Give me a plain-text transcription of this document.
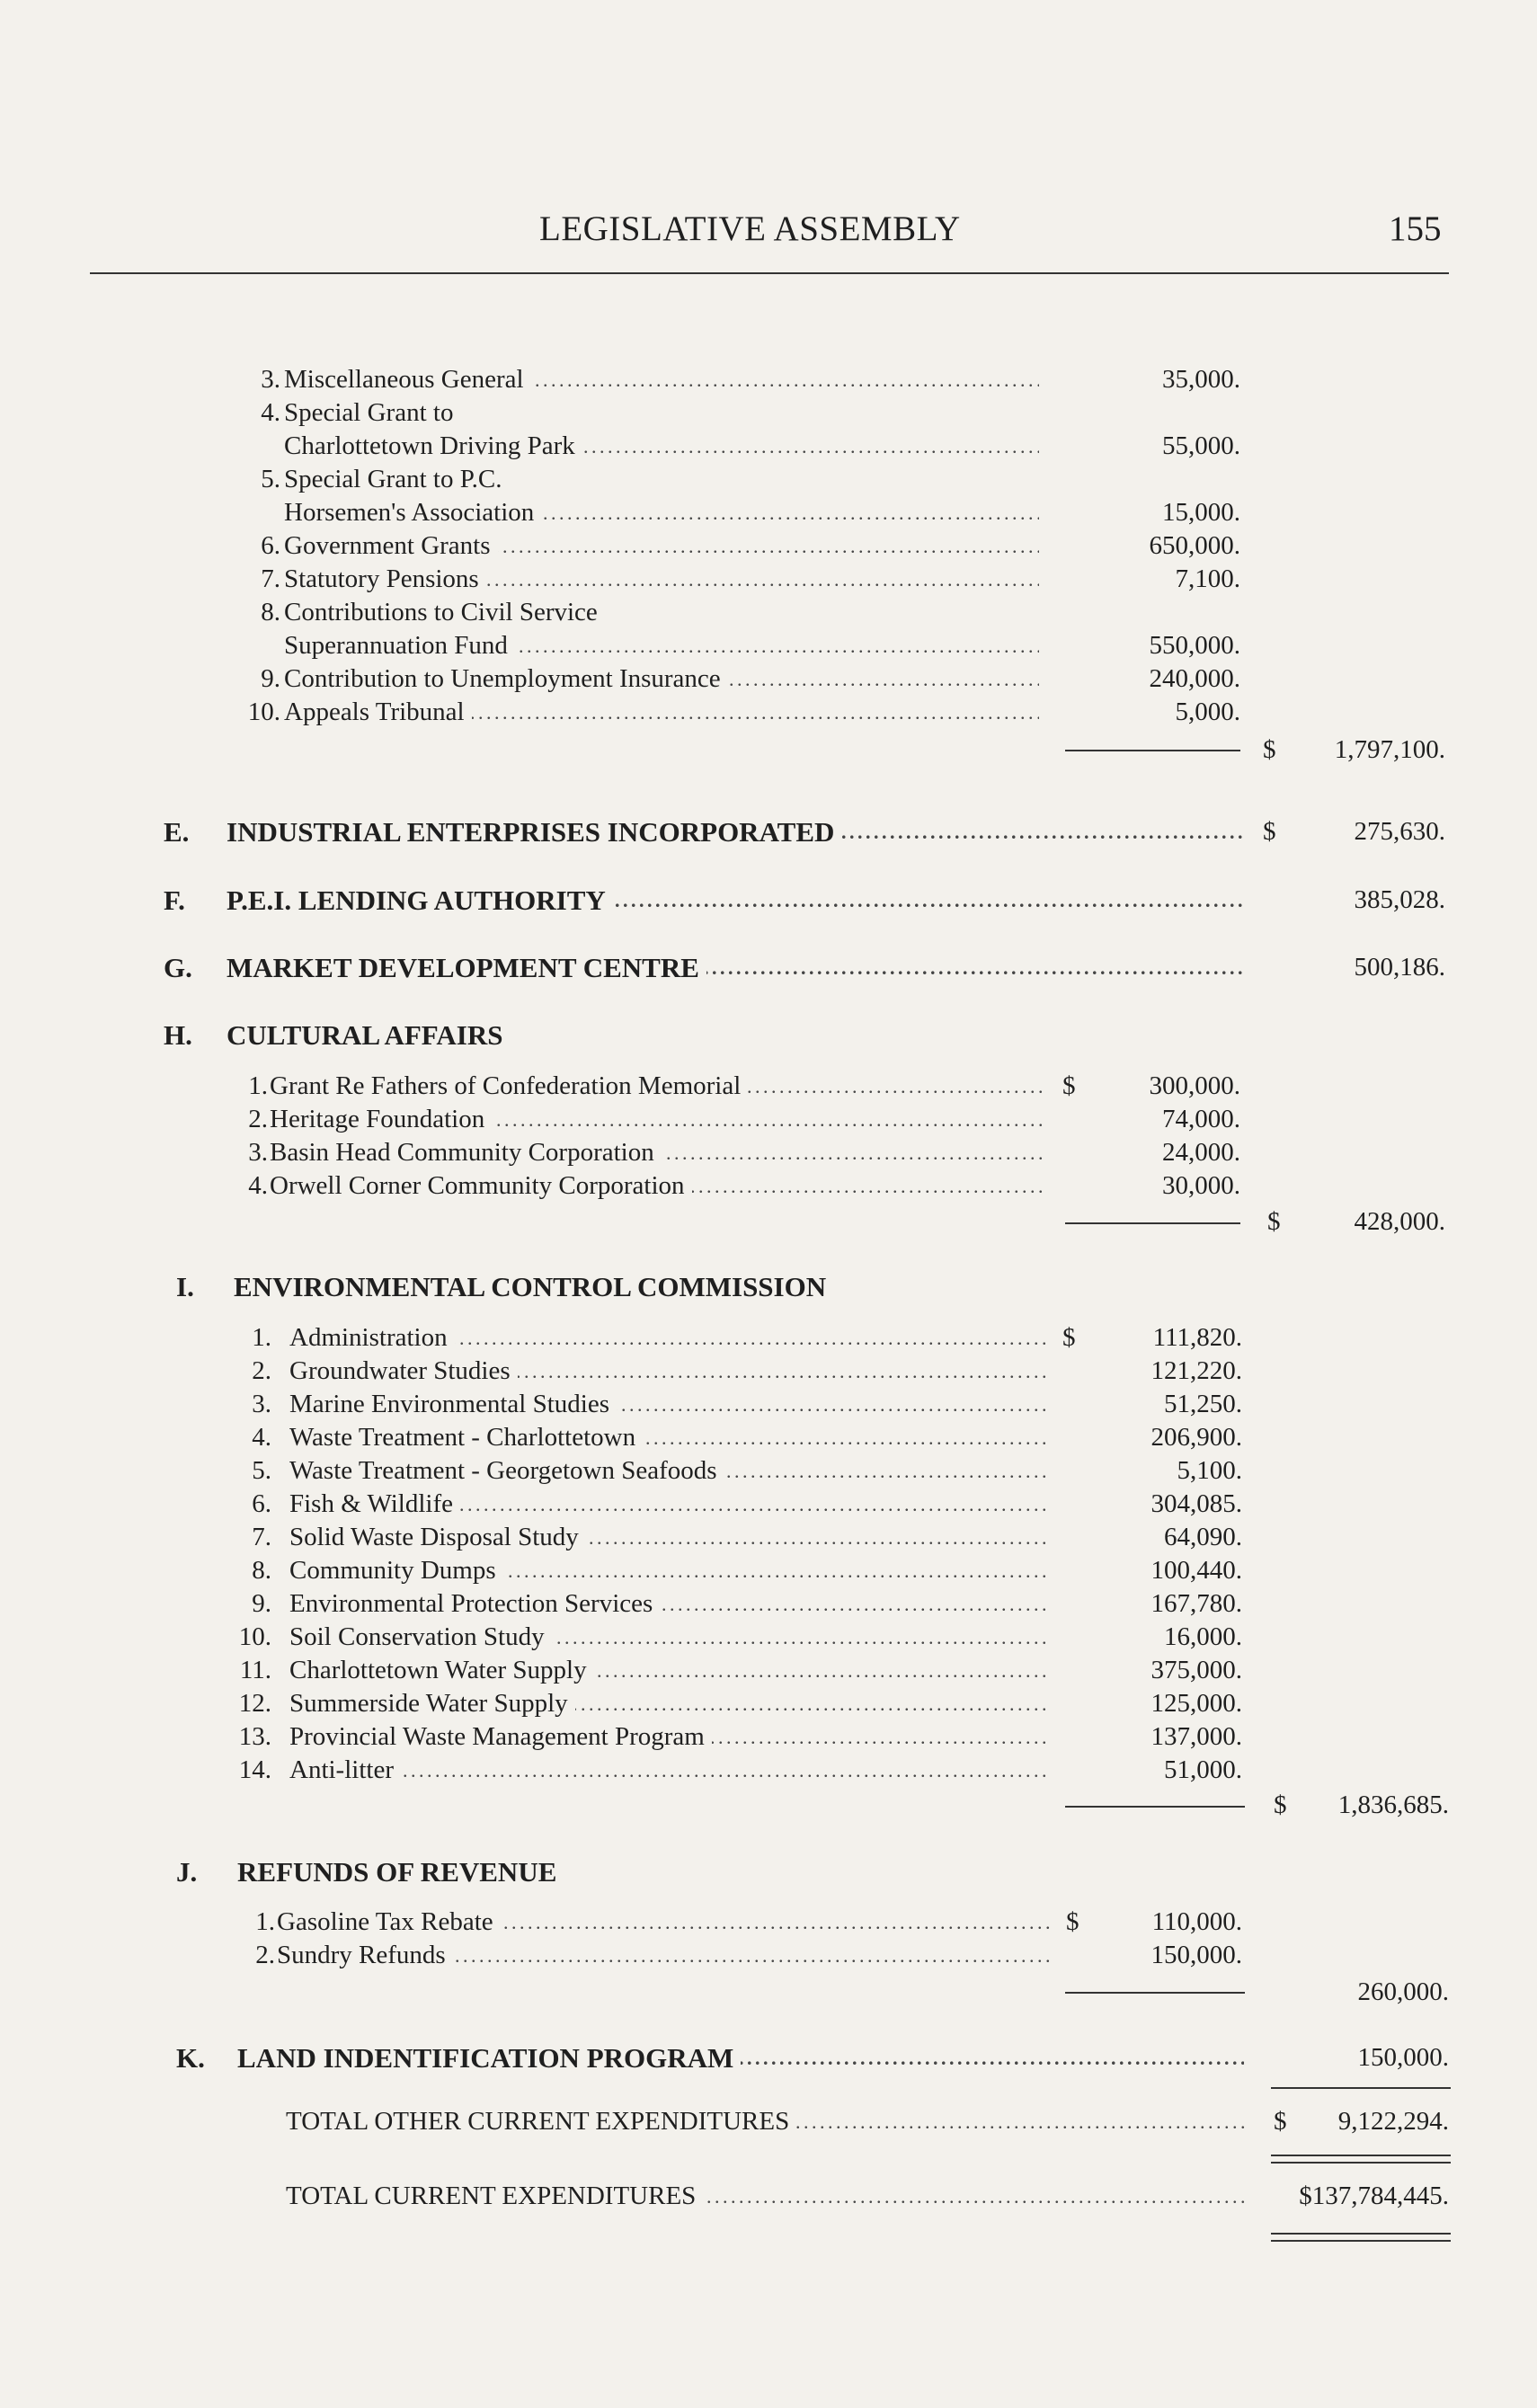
LEGISLATIVE ASSEMBLY	155
3. Miscellaneous General . . .	35,000.
4. Special Grant to
Charlottetown Driving Park . . .	55,000.
5. Special Grant to P.C.
Horsemen's Association . . .	15,000.
6. Government Grants . . .	650,000.
7. Statutory Pensions . . .	7,100.
8. Contributions to Civil Service
Superannuation Fund . . .	550,000.
9. Contribution to Unemployment Insurance . . .	240,000.
10. Appeals Tribunal . . .	5,000.
$	1,797,100.
E.	INDUSTRIAL ENTERPRISES INCORPORATED . . .	$	275,630.
F.	P.E.I. LENDING AUTHORITY . . .	385,028.
G. MARKET DEVELOPMENT CENTRE . . .	500,186.
H. CULTURAL AFFAIRS
1. Grant Re Fathers of Confederation Memorial . . .	$	300,000.
2. Heritage Foundation . . .	74,000.
3. Basin Head Community Corporation . . .	24,000.
4. Orwell Corner Community Corporation . . .	30,000.
$	428,000.
I.	ENVIRONMENTAL CONTROL COMMISSION
1. Administration . . .	$	111,820.
2. Groundwater Studies . . .	121,220.
3. Marine Environmental Studies . . .	51,250.
4. Waste Treatment - Charlottetown . . .	206,900.
5. Waste Treatment - Georgetown Seafoods . . .	5,100.
6. Fish & Wildlife . . .	304,085.
7. Solid Waste Disposal Study . . .	64,090.
8. Community Dumps . . .	100,440.
9. Environmental Protection Services . . .	167,780.
10. Soil Conservation Study . . .	16,000.
11. Charlottetown Water Supply . . .	375,000.
12. Summerside Water Supply . . .	125,000.
13. Provincial Waste Management Program . . .	137,000.
14. Anti-litter . . .	51,000.
$	1,836,685.
J.	REFUNDS OF REVENUE
1. Gasoline Tax Rebate . . .	$	110,000.
2. Sundry Refunds . . .	150,000.
260,000.
K. LAND INDENTIFICATION PROGRAM . . .	150,000.
TOTAL OTHER CURRENT EXPENDITURES . . .	$	9,122,294.
TOTAL CURRENT EXPENDITURES . . .	$137,784,445.
